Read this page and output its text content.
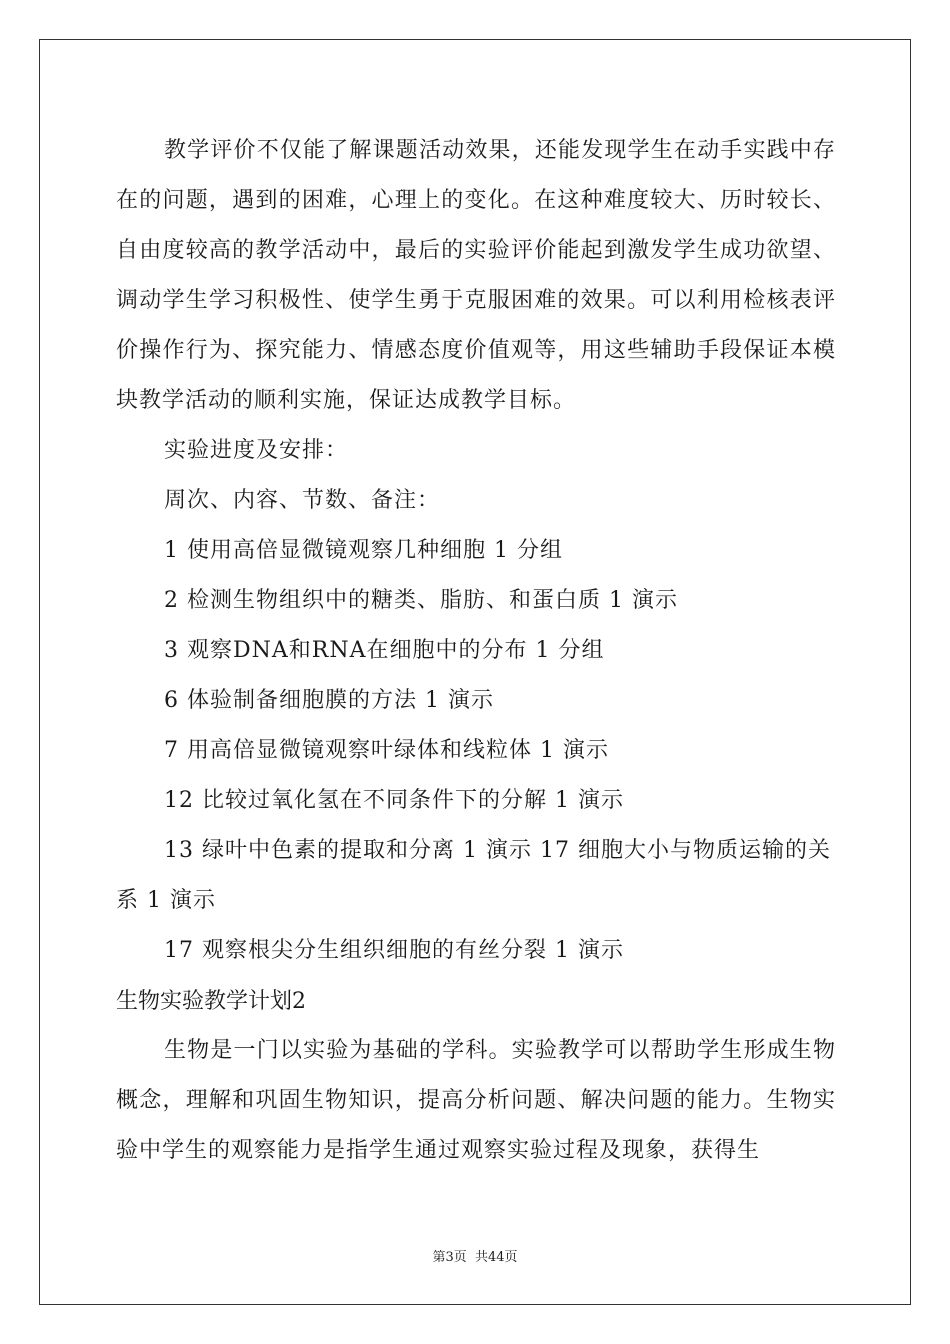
教学评价不仅能了解课题活动效果，还能发现学生在动手实践中存在的问题，遇到的困难，心理上的变化。在这种难度较大、历时较长、自由度较高的教学活动中，最后的实验评价能起到激发学生成功欲望、调动学生学习积极性、使学生勇于克服困难的效果。可以利用检核表评价操作行为、探究能力、情感态度价值观等，用这些辅助手段保证本模块教学活动的顺利实施，保证达成教学目标。

实验进度及安排：

周次、内容、节数、备注：

1 使用高倍显微镜观察几种细胞 1 分组

2 检测生物组织中的糖类、脂肪、和蛋白质 1 演示

3 观察DNA和RNA在细胞中的分布 1 分组

6 体验制备细胞膜的方法 1 演示

7 用高倍显微镜观察叶绿体和线粒体 1 演示

12 比较过氧化氢在不同条件下的分解 1 演示

13 绿叶中色素的提取和分离 1 演示 17 细胞大小与物质运输的关系 1 演示

17 观察根尖分生组织细胞的有丝分裂 1 演示

生物实验教学计划2

生物是一门以实验为基础的学科。实验教学可以帮助学生形成生物概念，理解和巩固生物知识，提高分析问题、解决问题的能力。生物实验中学生的观察能力是指学生通过观察实验过程及现象，获得生

第3页 共44页
